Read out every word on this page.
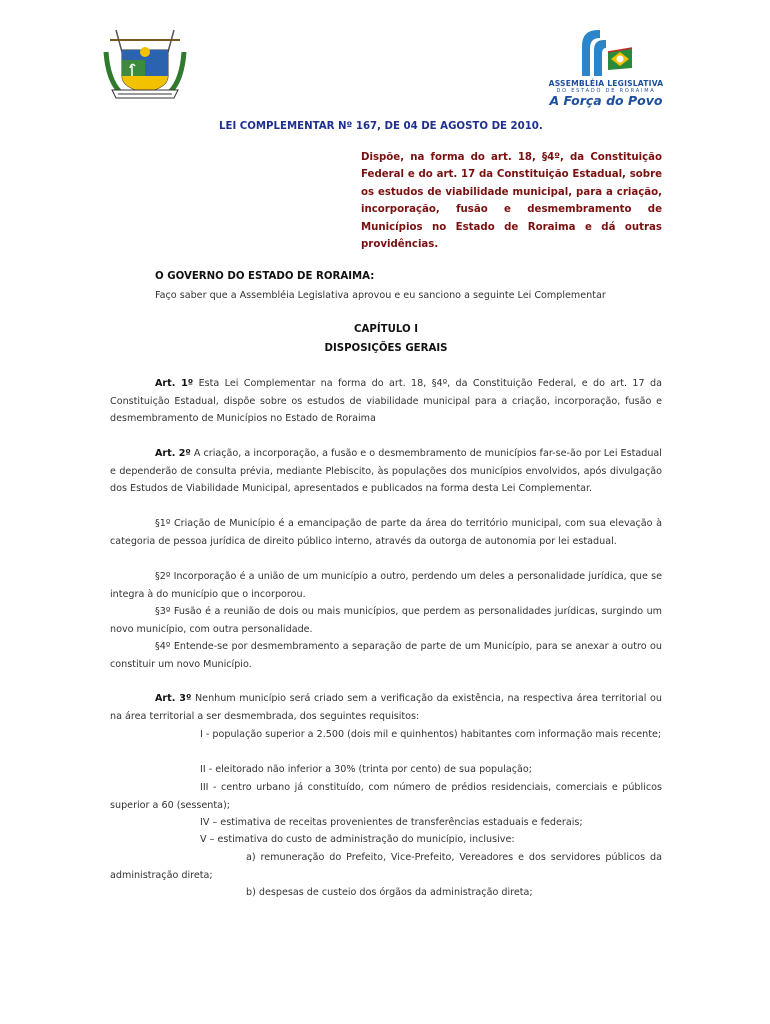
ASSEMBLÉIA LEGISLATIVA
DO ESTADO DE RORAIMA
A Força do Povo
LEI COMPLEMENTAR Nº 167, DE 04 DE AGOSTO DE 2010.
Dispõe, na forma do art. 18, §4º, da Constituição Federal e do art. 17 da Constituição Estadual, sobre os estudos de viabilidade municipal, para a criação, incorporação, fusão e desmembramento de Municípios no Estado de Roraima e dá outras providências.
O GOVERNO DO ESTADO DE RORAIMA:
Faço saber que a Assembléia Legislativa aprovou e eu sanciono a seguinte Lei Complementar
CAPÍTULO I
DISPOSIÇÕES GERAIS
Art. 1º Esta Lei Complementar na forma do art. 18, §4º, da Constituição Federal, e do art. 17 da Constituição Estadual, dispõe sobre os estudos de viabilidade municipal para a criação, incorporação, fusão e desmembramento de Municípios no Estado de Roraima
Art. 2º A criação, a incorporação, a fusão e o desmembramento de municípios far-se-ão por Lei Estadual e dependerão de consulta prévia, mediante Plebiscito, às populações dos municípios envolvidos, após divulgação dos Estudos de Viabilidade Municipal, apresentados e publicados na forma desta Lei Complementar.
§1º Criação de Município é a emancipação de parte da área do território municipal, com sua elevação à categoria de pessoa jurídica de direito público interno, através da outorga de autonomia por lei estadual.
§2º Incorporação é a união de um município a outro, perdendo um deles a personalidade jurídica, que se integra à do município que o incorporou.
§3º Fusão é a reunião de dois ou mais municípios, que perdem as personalidades jurídicas, surgindo um novo município, com outra personalidade.
§4º Entende-se por desmembramento a separação de parte de um Município, para se anexar a outro ou constituir um novo Município.
Art. 3º Nenhum município será criado sem a verificação da existência, na respectiva área territorial ou na área territorial a ser desmembrada, dos seguintes requisitos:
I - população superior a 2.500 (dois mil e quinhentos) habitantes com informação mais recente;
II - eleitorado não inferior a 30% (trinta por cento) de sua população;
III - centro urbano já constituído, com número de prédios residenciais, comerciais e públicos superior a 60 (sessenta);
IV – estimativa de receitas provenientes de transferências estaduais e federais;
V – estimativa do custo de administração do município, inclusive:
a) remuneração do Prefeito, Vice-Prefeito, Vereadores e dos servidores públicos da administração direta;
b) despesas de custeio dos órgãos da administração direta;
